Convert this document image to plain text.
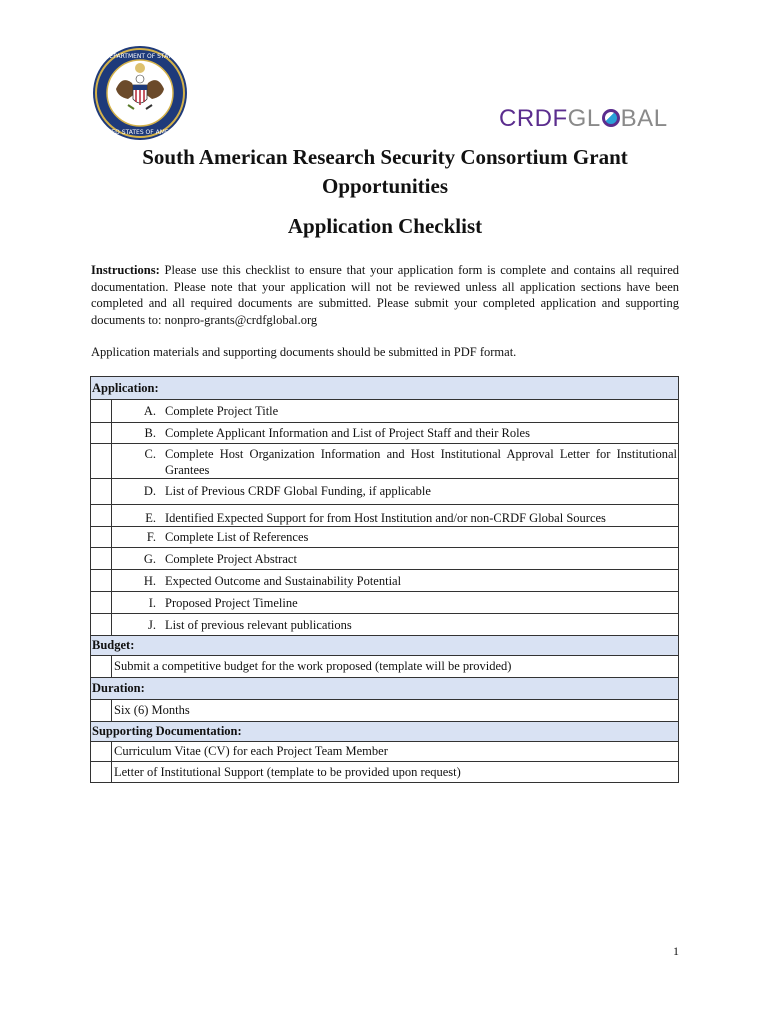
DEPARTMENT OF STATE
UNITED STATES OF AMERICA
CRDFGL BAL
South American Research Security Consortium Grant Opportunities
Application Checklist
Instructions: Please use this checklist to ensure that your application form is complete and contains all required documentation. Please note that your application will not be reviewed unless all application sections have been completed and all required documents are submitted. Please submit your completed application and supporting documents to: nonpro-grants@crdfglobal.org
Application materials and supporting documents should be submitted in PDF format.
Application:	

	A. Complete Project Title

	B. Complete Applicant Information and List of Project Staff and their Roles

	C. Complete Host Organization Information and Host Institutional Approval Letter for Institutional Grantees

	D. List of Previous CRDF Global Funding, if applicable

	E. Identified Expected Support for from Host Institution and/or non-CRDF Global Sources

	F. Complete List of References

	G. Complete Project Abstract

	H. Expected Outcome and Sustainability Potential

	I. Proposed Project Timeline

	J. List of previous relevant publications

Budget:	
	Submit a competitive budget for the work proposed (template will be provided)
Duration:	
	Six (6) Months
Supporting Documentation:	
	Curriculum Vitae (CV) for each Project Team Member
	Letter of Institutional Support (template to be provided upon request)
1
